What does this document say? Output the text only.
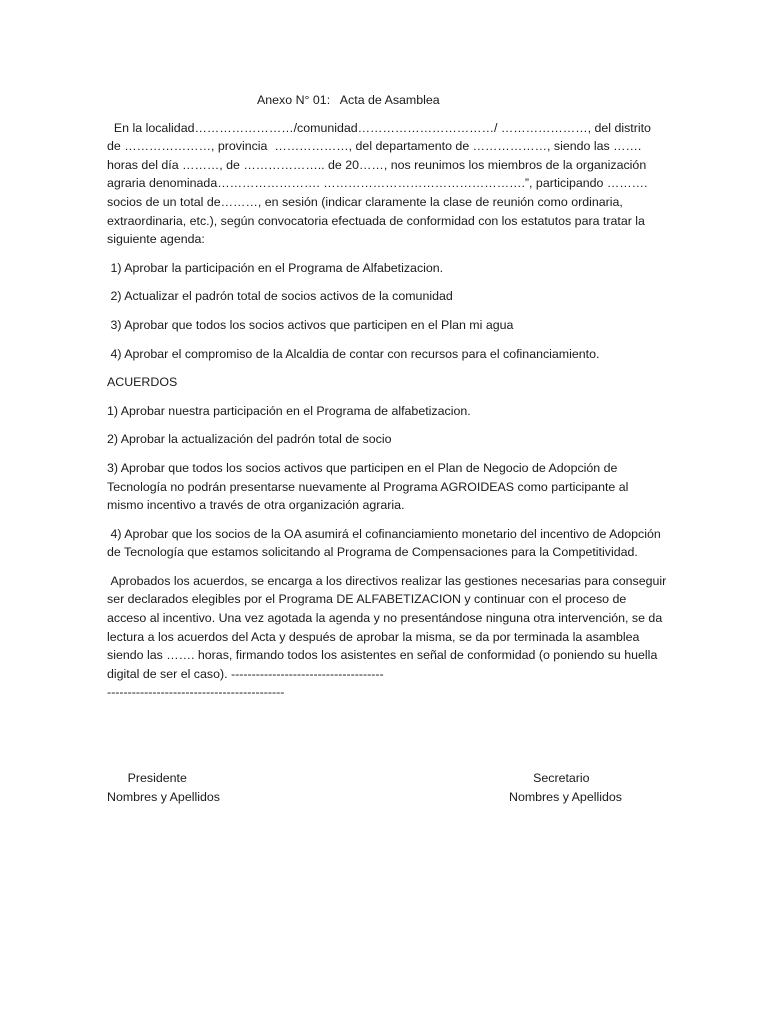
Anexo N° 01:   Acta de Asamblea
En la localidad……………………/comunidad……………………………/ …………………, del distrito de …………………, provincia  ………………, del departamento de ………………, siendo las ……. horas del día ………, de ……………….. de 20……, nos reunimos los miembros de la organización agraria denominada……………………. ………………………………………….”, participando ………. socios de un total de………, en sesión (indicar claramente la clase de reunión como ordinaria, extraordinaria, etc.), según convocatoria efectuada de conformidad con los estatutos para tratar la siguiente agenda:
1) Aprobar la participación en el Programa de Alfabetizacion.
2) Actualizar el padrón total de socios activos de la comunidad
3) Aprobar que todos los socios activos que participen en el Plan mi agua
4) Aprobar el compromiso de la Alcaldia de contar con recursos para el cofinanciamiento.
ACUERDOS
1) Aprobar nuestra participación en el Programa de alfabetizacion.
2) Aprobar la actualización del padrón total de socio
3) Aprobar que todos los socios activos que participen en el Plan de Negocio de Adopción de Tecnología no podrán presentarse nuevamente al Programa AGROIDEAS como participante al mismo incentivo a través de otra organización agraria.
4) Aprobar que los socios de la OA asumirá el cofinanciamiento monetario del incentivo de Adopción de Tecnología que estamos solicitando al Programa de Compensaciones para la Competitividad.
Aprobados los acuerdos, se encarga a los directivos realizar las gestiones necesarias para conseguir ser declarados elegibles por el Programa DE ALFABETIZACION y continuar con el proceso de acceso al incentivo. Una vez agotada la agenda y no presentándose ninguna otra intervención, se da lectura a los acuerdos del Acta y después de aprobar la misma, se da por terminada la asamblea siendo las ……. horas, firmando todos los asistentes en señal de conformidad (o poniendo su huella digital de ser el caso). -------------------------------------
-------------------------------------------
Presidente
Nombres y Apellidos
Secretario
Nombres y Apellidos
